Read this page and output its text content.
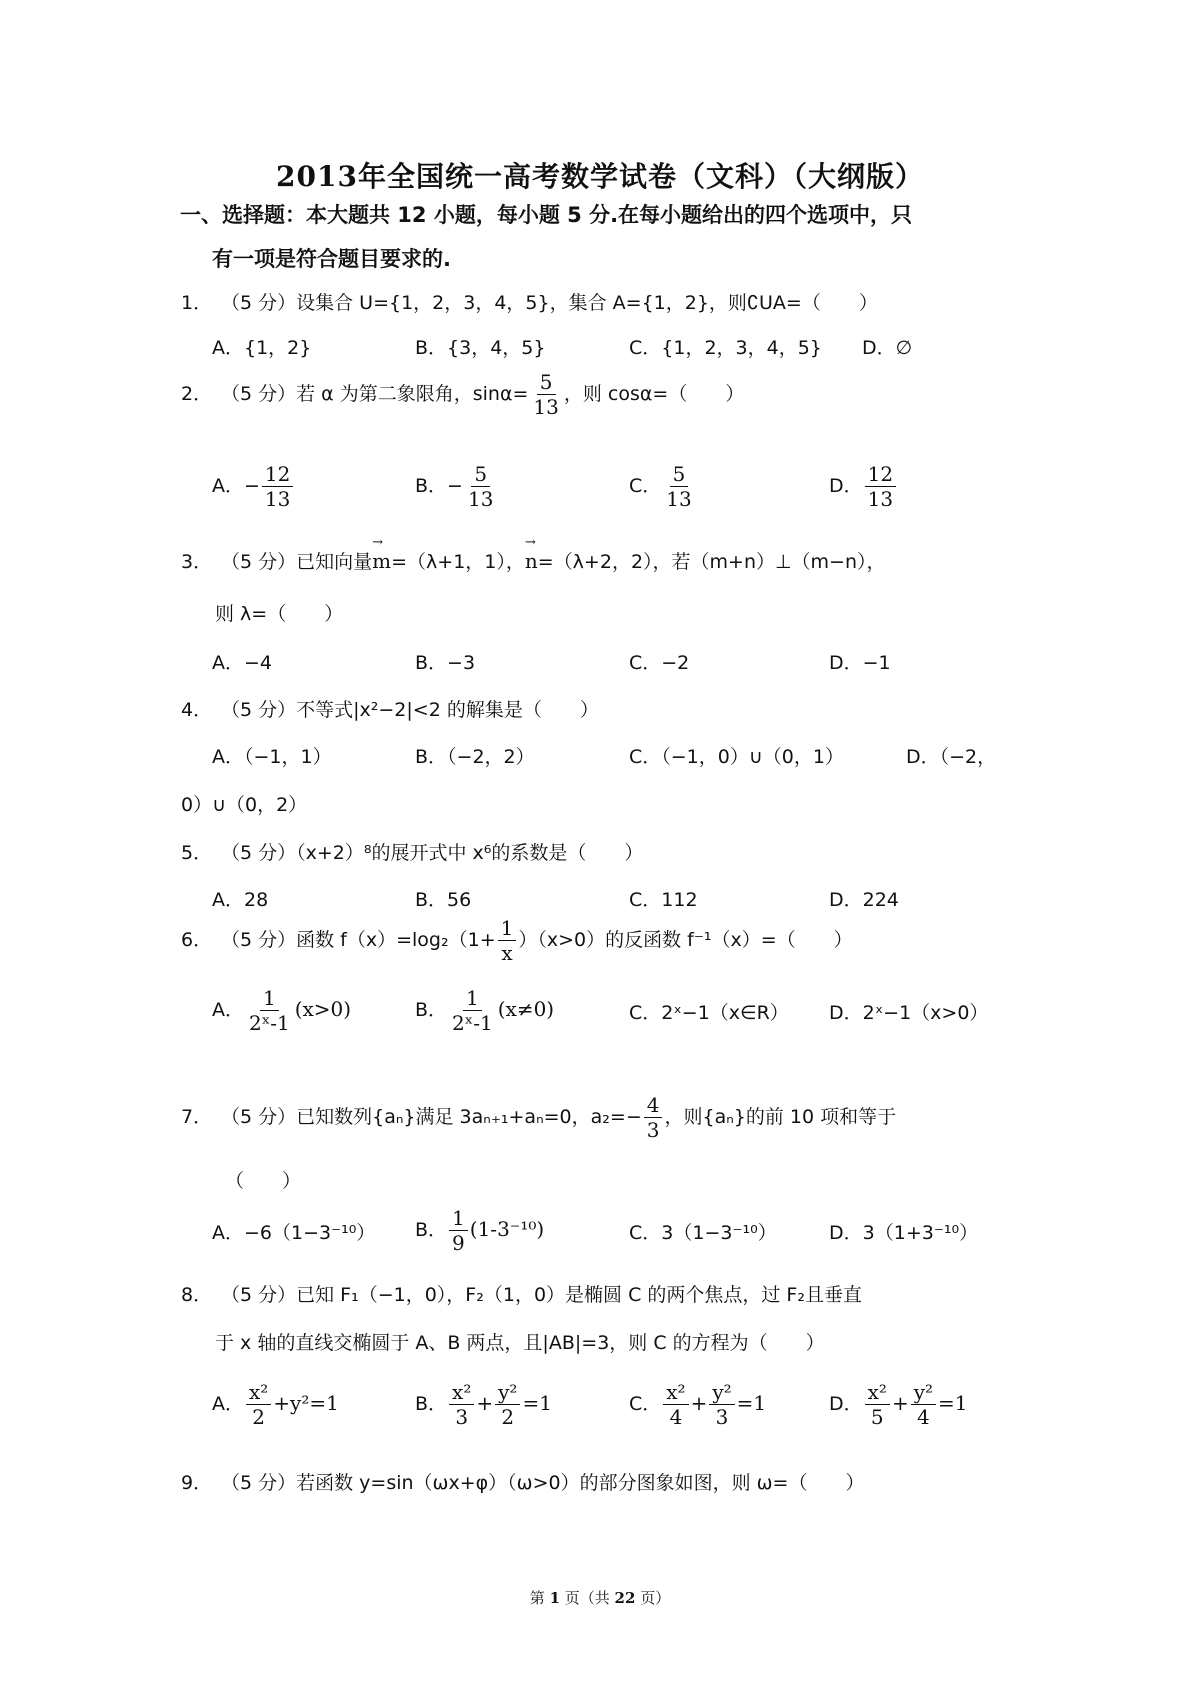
2013年全国统一高考数学试卷（文科）（大纲版）
一、选择题：本大题共 12 小题，每小题 5 分.在每小题给出的四个选项中，只
有一项是符合题目要求的.
1． （5 分）设集合 U={1，2，3，4，5}，集合 A={1，2}，则∁UA=（　　）
A．{1，2}	B．{3，4，5}	C．{1，2，3，4，5} D．∅
2． （5 分）若 α 为第二象限角，$\sin\alpha= \frac{5}{13}$ ，则 cosα=（　　）
A．− $\frac{12}{13}$	B．− $\frac{5}{13}$	C． $\frac{5}{13}$	D． $\frac{12}{13}$
3． （5 分）已知向量→ m=（λ+1，1），→ n=（λ+2，2），若（m+n）⊥（m−n），
则 λ=（　　）
A．−4	B．−3	C．−2	D．−1
4． （5 分）不等式|x²−2|<2 的解集是（　　）
A．（−1，1）	B．（−2，2）	C．（−1，0）∪（0，1）	D．（−2，
0）∪（0，2）
5． （5 分）（x+2）⁸的展开式中 x⁶的系数是（　　）
A．28	B．56	C．112	D．224
6． （5 分）函数 $f(x)=\log_2(1+ \frac{1}{x} )(x>0)$的反函数 f⁻¹（x）=（　　）
A． $\frac{1}{\text{2ˣ-1}} (x>0)$	B． $\frac{1}{\text{2ˣ-1}} (x\ne 0)$	C．2ˣ−1（x∈R） D．2ˣ−1（x>0）
7． （5 分）已知数列{aₙ}满足 3aₙ₊₁+aₙ=0，$a_2=- \frac{4}{3}$ ，则{aₙ}的前 10 项和等于
（　　）
A．−6（1−3⁻¹⁰） B． $\frac{1}{9} (1-3^{-10})$	C．3（1−3⁻¹⁰）	D．3（1+3⁻¹⁰）
8． （5 分）已知 F₁（−1，0），F₂（1，0）是椭圆 C 的两个焦点，过 F₂且垂直
于 x 轴的直线交椭圆于 A、B 两点，且|AB|=3，则 C 的方程为（　　）
A． $\frac{\text{x²}}{2} +y^2=1$	B． $\frac{\text{x²}}{3} + \frac{\text{y²}}{2} =1$	C． $\frac{\text{x²}}{4} + \frac{\text{y²}}{3} =1$	D． $\frac{\text{x²}}{5} + \frac{\text{y²}}{4} =1$
9． （5 分）若函数 y=sin（ωx+φ）（ω>0）的部分图象如图，则 ω=（　　）
第 1 页（共 22 页）
